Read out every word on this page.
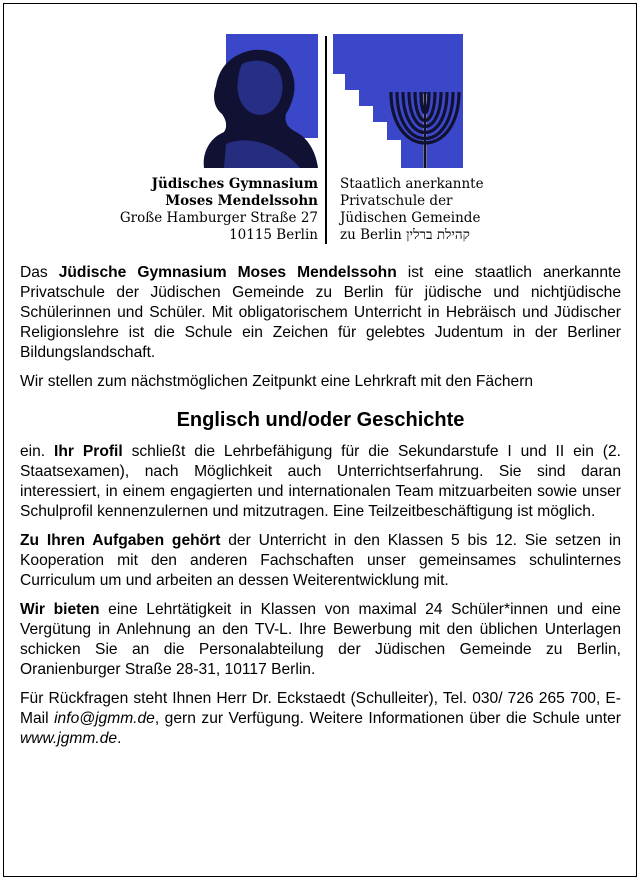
Jüdisches Gymnasium
Moses Mendelssohn
Große Hamburger Straße 27
10115 Berlin
Staatlich anerkannte
Privatschule der
Jüdischen Gemeinde
zu Berlin קהילת ברלין

Das Jüdische Gymnasium Moses Mendelssohn ist eine staatlich anerkannte Privatschule der Jüdischen Gemeinde zu Berlin für jüdische und nichtjüdische Schülerinnen und Schüler. Mit obligatorischem Unterricht in Hebräisch und Jüdischer Religionslehre ist die Schule ein Zeichen für gelebtes Judentum in der Berliner Bildungslandschaft.

Wir stellen zum nächstmöglichen Zeitpunkt eine Lehrkraft mit den Fächern

Englisch und/oder Geschichte

ein. Ihr Profil schließt die Lehrbefähigung für die Sekundarstufe I und II ein (2. Staatsexamen), nach Möglichkeit auch Unterrichtserfahrung. Sie sind daran interessiert, in einem engagierten und internationalen Team mitzuarbeiten sowie unser Schulprofil kennenzulernen und mitzutragen. Eine Teilzeitbeschäftigung ist möglich.

Zu Ihren Aufgaben gehört der Unterricht in den Klassen 5 bis 12. Sie setzen in Kooperation mit den anderen Fachschaften unser gemeinsames schulinternes Curriculum um und arbeiten an dessen Weiterentwicklung mit.

Wir bieten eine Lehrtätigkeit in Klassen von maximal 24 Schüler*innen und eine Vergütung in Anlehnung an den TV-L. Ihre Bewerbung mit den üblichen Unterlagen schicken Sie an die Personalabteilung der Jüdischen Gemeinde zu Berlin, Oranienburger Straße 28-31, 10117 Berlin.

Für Rückfragen steht Ihnen Herr Dr. Eckstaedt (Schulleiter), Tel. 030/ 726 265 700, E-Mail info@jgmm.de, gern zur Verfügung. Weitere Informationen über die Schule unter www.jgmm.de.
